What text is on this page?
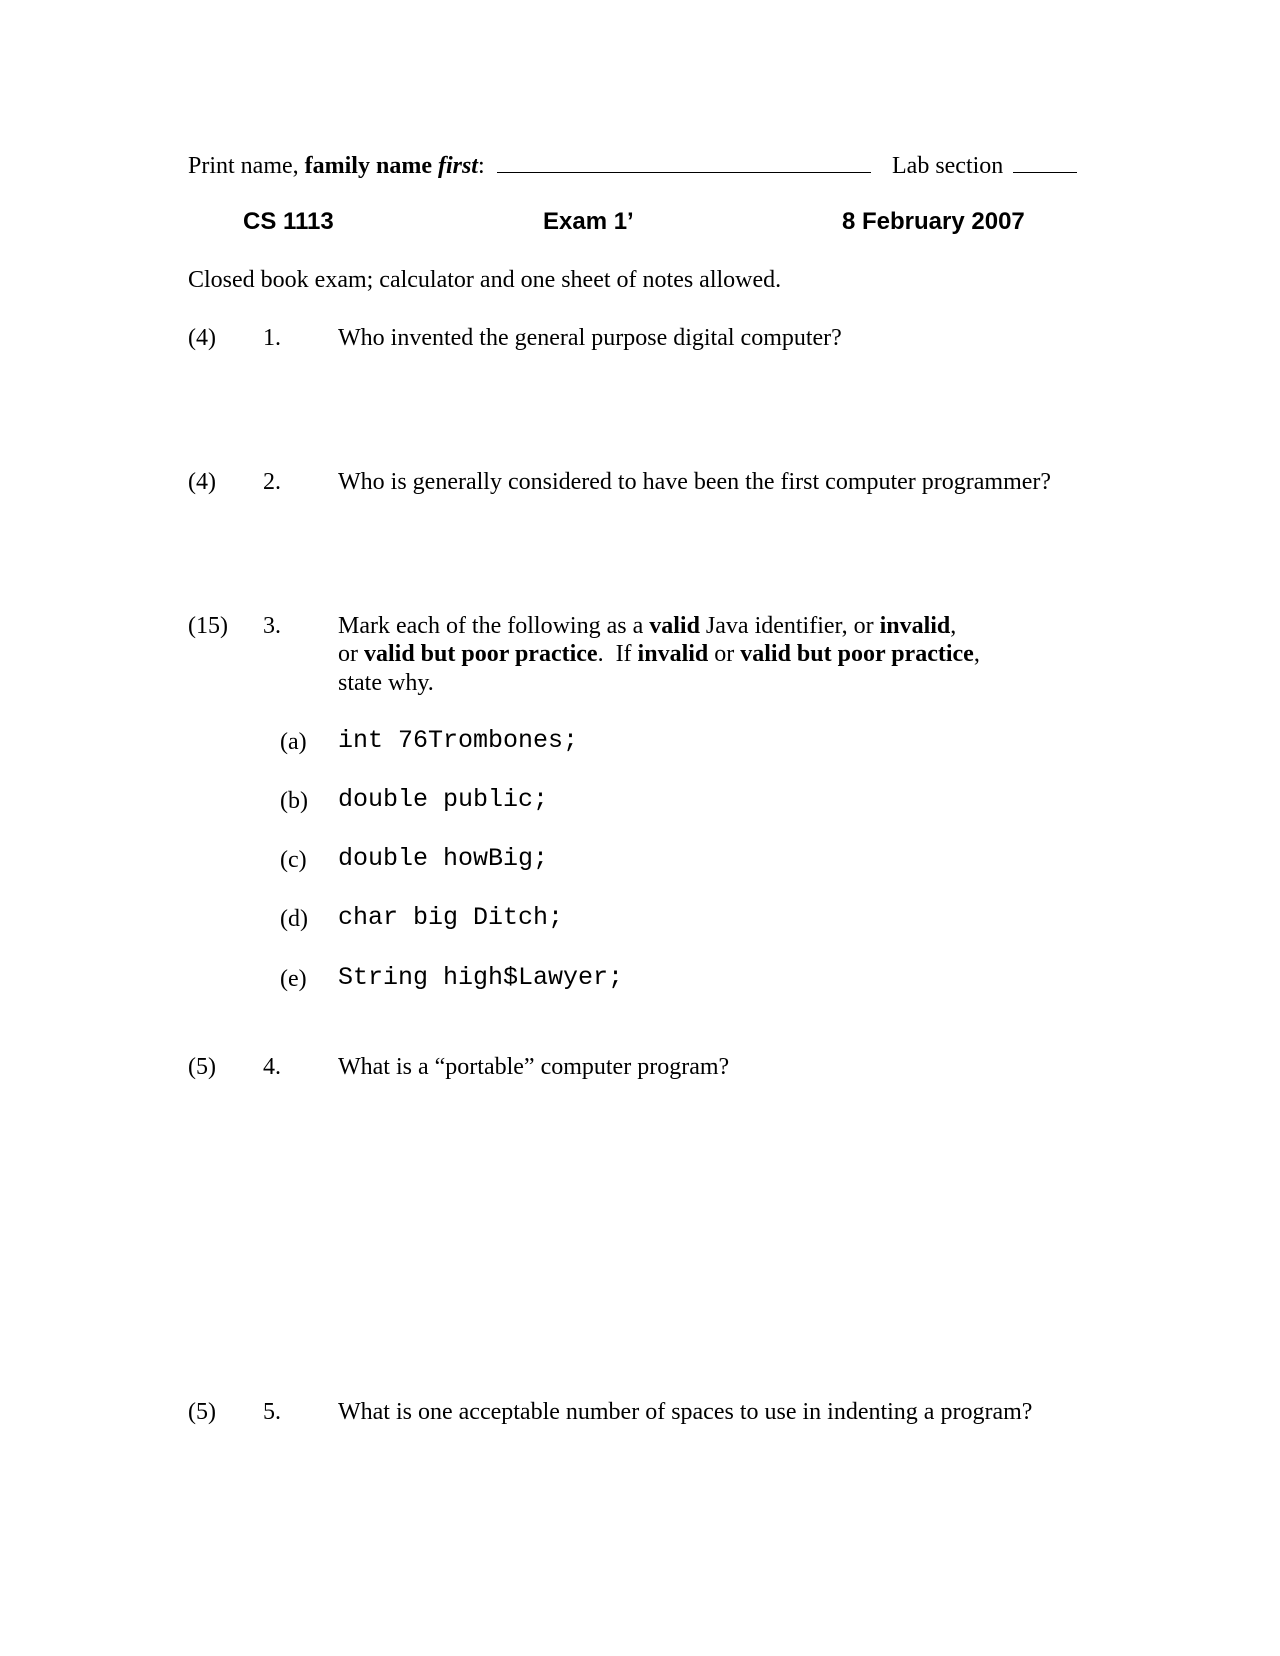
Print name, family name first:	Lab section
CS 1113	Exam 1’	8 February 2007
Closed book exam; calculator and one sheet of notes allowed.
(4) 1. Who invented the general purpose digital computer?
(4) 2. Who is generally considered to have been the first computer programmer?
(15) 3. Mark each of the following as a valid Java identifier, or invalid,
or valid but poor practice.  If invalid or valid but poor practice,
state why.
(a) int 76Trombones;
(b) double public;
(c) double howBig;
(d) char big Ditch;
(e) String high$Lawyer;
(5) 4. What is a “portable” computer program?
(5) 5. What is one acceptable number of spaces to use in indenting a program?
